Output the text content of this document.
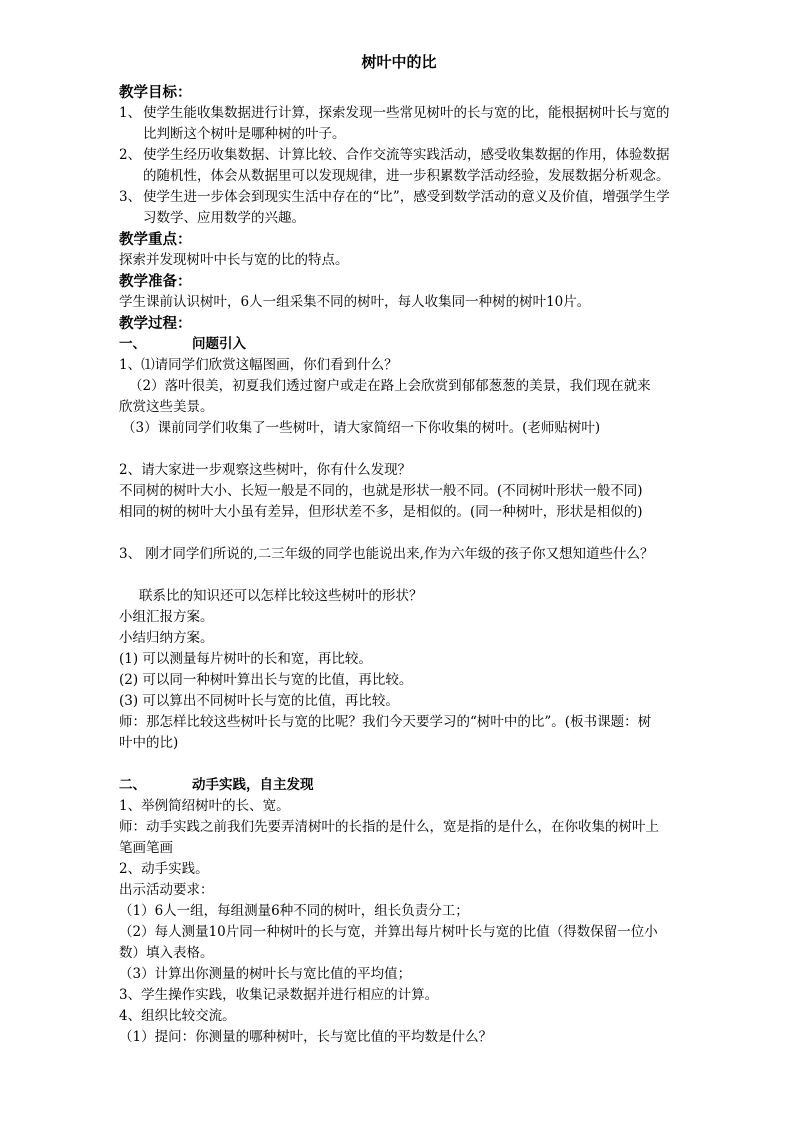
树叶中的比
教学目标：
1、 使学生能收集数据进行计算，探索发现一些常见树叶的长与宽的比，能根据树叶长与宽的比判断这个树叶是哪种树的叶子。
2、 使学生经历收集数据、计算比较、合作交流等实践活动，感受收集数据的作用，体验数据的随机性，体会从数据里可以发现规律，进一步积累数学活动经验，发展数据分析观念。
3、 使学生进一步体会到现实生活中存在的“比”，感受到数学活动的意义及价值，增强学生学习数学、应用数学的兴趣。
教学重点：
探索并发现树叶中长与宽的比的特点。
教学准备：
学生课前认识树叶，6人一组采集不同的树叶，每人收集同一种树的树叶10片。
教学过程：
一、	问题引入
1、⑴请同学们欣赏这幅图画，你们看到什么？
（2）落叶很美，初夏我们透过窗户或走在路上会欣赏到郁郁葱葱的美景，我们现在就来
欣赏这些美景。
（3）课前同学们收集了一些树叶，请大家简绍一下你收集的树叶。(老师贴树叶)
2、请大家进一步观察这些树叶，你有什么发现？
不同树的树叶大小、长短一般是不同的，也就是形状一般不同。(不同树叶形状一般不同)
相同的树的树叶大小虽有差异，但形状差不多，是相似的。(同一种树叶，形状是相似的)
3、 刚才同学们所说的,二三年级的同学也能说出来,作为六年级的孩子你又想知道些什么？
联系比的知识还可以怎样比较这些树叶的形状？
小组汇报方案。
小结归纳方案。
(1) 可以测量每片树叶的长和宽，再比较。
(2) 可以同一种树叶算出长与宽的比值，再比较。
(3) 可以算出不同树叶长与宽的比值，再比较。
师：那怎样比较这些树叶长与宽的比呢？我们今天要学习的“树叶中的比”。(板书课题：树
叶中的比)
二、	动手实践，自主发现
1、举例简绍树叶的长、宽。
师：动手实践之前我们先要弄清树叶的长指的是什么，宽是指的是什么，在你收集的树叶上
笔画笔画
2、动手实践。
出示活动要求：
（1）6人一组，每组测量6种不同的树叶，组长负责分工；
（2）每人测量10片同一种树叶的长与宽，并算出每片树叶长与宽的比值（得数保留一位小
数）填入表格。
（3）计算出你测量的树叶长与宽比值的平均值；
3、学生操作实践，收集记录数据并进行相应的计算。
4、组织比较交流。
（1）提问：你测量的哪种树叶，长与宽比值的平均数是什么？
